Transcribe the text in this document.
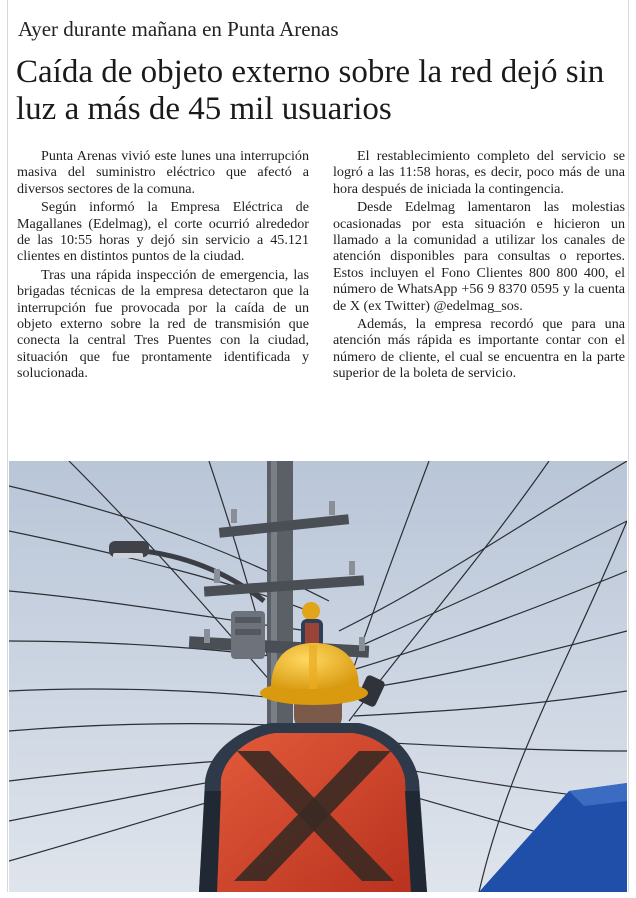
Ayer durante mañana en Punta Arenas
Caída de objeto externo sobre la red dejó sin luz a más de 45 mil usuarios

Punta Arenas vivió este lunes una interrupción masiva del suministro eléctrico que afectó a diversos sectores de la comuna.

Según informó la Empresa Eléctrica de Magallanes (Edelmag), el corte ocurrió alrededor de las 10:55 horas y dejó sin servicio a 45.121 clientes en distintos puntos de la ciudad.

Tras una rápida inspección de emergencia, las brigadas técnicas de la empresa detectaron que la interrupción fue provocada por la caída de un objeto externo sobre la red de transmisión que conecta la central Tres Puentes con la ciudad, situación que fue prontamente identificada y solucionada.

El restablecimiento completo del servicio se logró a las 11:58 horas, es decir, poco más de una hora después de iniciada la contingencia.

Desde Edelmag lamentaron las molestias ocasionadas por esta situación e hicieron un llamado a la comunidad a utilizar los canales de atención disponibles para consultas o reportes. Estos incluyen el Fono Clientes 800 800 400, el número de WhatsApp +56 9 8370 0595 y la cuenta de X (ex Twitter) @edelmag_sos.

Además, la empresa recordó que para una atención más rápida es importante contar con el número de cliente, el cual se encuentra en la parte superior de la boleta de servicio.
